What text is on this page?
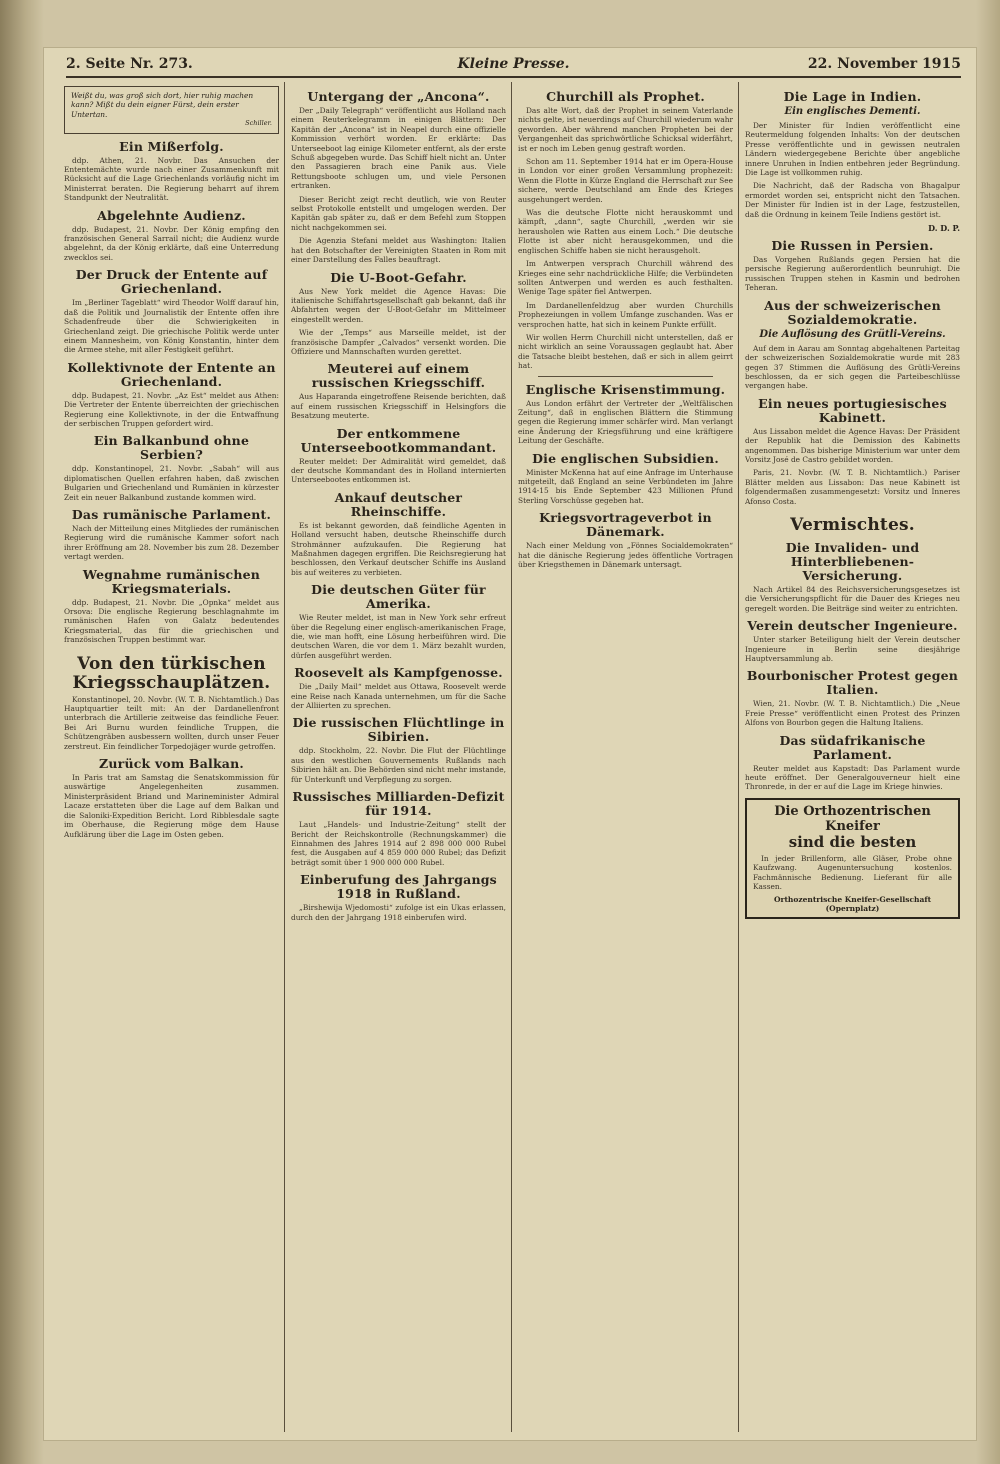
2. Seite Nr. 273.	Kleine Presse.	22. November 1915
Weißt du, was groß sich dort, hier ruhig machen kann? Mißt du dein eigner Fürst, dein erster Untertan.
Schiller.
Ein Mißerfolg.

ddp. Athen, 21. Novbr. Das Ansuchen der Ententemächte wurde nach einer Zusammenkunft mit Rücksicht auf die Lage Griechenlands vorläufig nicht im Ministerrat beraten. Die Regierung beharrt auf ihrem Standpunkt der Neutralität.

Abgelehnte Audienz.

ddp. Budapest, 21. Novbr. Der König empfing den französischen General Sarrail nicht; die Audienz wurde abgelehnt, da der König erklärte, daß eine Unterredung zwecklos sei.

Der Druck der Entente auf Griechenland.

Im „Berliner Tageblatt“ wird Theodor Wolff darauf hin, daß die Politik und Journalistik der Entente offen ihre Schadenfreude über die Schwierigkeiten in Griechenland zeigt. Die griechische Politik werde unter einem Mannesheim, von König Konstantin, hinter dem die Armee stehe, mit aller Festigkeit geführt.

Kollektivnote der Entente an Griechenland.

ddp. Budapest, 21. Novbr. „Az Est“ meldet aus Athen: Die Vertreter der Entente überreichten der griechischen Regierung eine Kollektivnote, in der die Entwaffnung der serbischen Truppen gefordert wird.

Ein Balkanbund ohne Serbien?

ddp. Konstantinopel, 21. Novbr. „Sabah“ will aus diplomatischen Quellen erfahren haben, daß zwischen Bulgarien und Griechenland und Rumänien in kürzester Zeit ein neuer Balkanbund zustande kommen wird.

Das rumänische Parlament.

Nach der Mitteilung eines Mitgliedes der rumänischen Regierung wird die rumänische Kammer sofort nach ihrer Eröffnung am 28. November bis zum 28. Dezember vertagt werden.

Wegnahme rumänischen Kriegsmaterials.

ddp. Budapest, 21. Novbr. Die „Opnka“ meldet aus Orsova: Die englische Regierung beschlagnahmte im rumänischen Hafen von Galatz bedeutendes Kriegsmaterial, das für die griechischen und französischen Truppen bestimmt war.

Von den türkischen Kriegsschauplätzen.

Konstantinopel, 20. Novbr. (W. T. B. Nichtamtlich.) Das Hauptquartier teilt mit: An der Dardanellenfront unterbrach die Artillerie zeitweise das feindliche Feuer. Bei Ari Burnu wurden feindliche Truppen, die Schützengräben ausbessern wollten, durch unser Feuer zerstreut. Ein feindlicher Torpedojäger wurde getroffen.

Zurück vom Balkan.

In Paris trat am Samstag die Senatskommission für auswärtige Angelegenheiten zusammen. Ministerpräsident Briand und Marineminister Admiral Lacaze erstatteten über die Lage auf dem Balkan und die Saloniki-Expedition Bericht. Lord Ribblesdale sagte im Oberhause, die Regierung möge dem Hause Aufklärung über die Lage im Osten geben.

Untergang der „Ancona“.

Der „Daily Telegraph“ veröffentlicht aus Holland nach einem Reuterkelegramm in einigen Blättern: Der Kapitän der „Ancona“ ist in Neapel durch eine offizielle Kommission verhört worden. Er erklärte: Das Unterseeboot lag einige Kilometer entfernt, als der erste Schuß abgegeben wurde. Das Schiff hielt nicht an. Unter den Passagieren brach eine Panik aus. Viele Rettungsboote schlugen um, und viele Personen ertranken.

Dieser Bericht zeigt recht deutlich, wie von Reuter selbst Protokolle entstellt und umgelogen werden. Der Kapitän gab später zu, daß er dem Befehl zum Stoppen nicht nachgekommen sei.

Die Agenzia Stefani meldet aus Washington: Italien hat den Botschafter der Vereinigten Staaten in Rom mit einer Darstellung des Falles beauftragt.

Die U-Boot-Gefahr.

Aus New York meldet die Agence Havas: Die italienische Schiffahrtsgesellschaft gab bekannt, daß ihr Abfahrten wegen der U-Boot-Gefahr im Mittelmeer eingestellt werden.

Wie der „Temps“ aus Marseille meldet, ist der französische Dampfer „Calvados“ versenkt worden. Die Offiziere und Mannschaften wurden gerettet.

Meuterei auf einem russischen Kriegsschiff.

Aus Haparanda eingetroffene Reisende berichten, daß auf einem russischen Kriegsschiff in Helsingfors die Besatzung meuterte.

Der entkommene Unterseebootkommandant.

Reuter meldet: Der Admiralität wird gemeldet, daß der deutsche Kommandant des in Holland internierten Unterseebootes entkommen ist.

Ankauf deutscher Rheinschiffe.

Es ist bekannt geworden, daß feindliche Agenten in Holland versucht haben, deutsche Rheinschiffe durch Strohmänner aufzukaufen. Die Regierung hat Maßnahmen dagegen ergriffen. Die Reichsregierung hat beschlossen, den Verkauf deutscher Schiffe ins Ausland bis auf weiteres zu verbieten.

Die deutschen Güter für Amerika.

Wie Reuter meldet, ist man in New York sehr erfreut über die Regelung einer englisch-amerikanischen Frage, die, wie man hofft, eine Lösung herbeiführen wird. Die deutschen Waren, die vor dem 1. März bezahlt wurden, dürfen ausgeführt werden.

Roosevelt als Kampfgenosse.

Die „Daily Mail“ meldet aus Ottawa, Roosevelt werde eine Reise nach Kanada unternehmen, um für die Sache der Alliierten zu sprechen.

Die russischen Flüchtlinge in Sibirien.

ddp. Stockholm, 22. Novbr. Die Flut der Flüchtlinge aus den westlichen Gouvernements Rußlands nach Sibirien hält an. Die Behörden sind nicht mehr imstande, für Unterkunft und Verpflegung zu sorgen.

Russisches Milliarden-Defizit für 1914.

Laut „Handels- und Industrie-Zeitung“ stellt der Bericht der Reichskontrolle (Rechnungskammer) die Einnahmen des Jahres 1914 auf 2 898 000 000 Rubel fest, die Ausgaben auf 4 859 000 000 Rubel; das Defizit beträgt somit über 1 900 000 000 Rubel.

Einberufung des Jahrgangs 1918 in Rußland.

„Birshewija Wjedomosti“ zufolge ist ein Ukas erlassen, durch den der Jahrgang 1918 einberufen wird.

Churchill als Prophet.

Das alte Wort, daß der Prophet in seinem Vaterlande nichts gelte, ist neuerdings auf Churchill wiederum wahr geworden. Aber während manchen Propheten bei der Vergangenheit das sprichwörtliche Schicksal widerfährt, ist er noch im Leben genug gestraft worden.

Schon am 11. September 1914 hat er im Opera-House in London vor einer großen Versammlung prophezeit: Wenn die Flotte in Kürze England die Herrschaft zur See sichere, werde Deutschland am Ende des Krieges ausgehungert werden.

Was die deutsche Flotte nicht herauskommt und kämpft, „dann“, sagte Churchill, „werden wir sie herausholen wie Ratten aus einem Loch.“ Die deutsche Flotte ist aber nicht herausgekommen, und die englischen Schiffe haben sie nicht herausgeholt.

Im Antwerpen versprach Churchill während des Krieges eine sehr nachdrückliche Hilfe; die Verbündeten sollten Antwerpen und werden es auch festhalten. Wenige Tage später fiel Antwerpen.

Im Dardanellenfeldzug aber wurden Churchills Prophezeiungen in vollem Umfange zuschanden. Was er versprochen hatte, hat sich in keinem Punkte erfüllt.

Wir wollen Herrn Churchill nicht unterstellen, daß er nicht wirklich an seine Voraussagen geglaubt hat. Aber die Tatsache bleibt bestehen, daß er sich in allem geirrt hat.

Englische Krisenstimmung.

Aus London erfährt der Vertreter der „Weltfälischen Zeitung“, daß in englischen Blättern die Stimmung gegen die Regierung immer schärfer wird. Man verlangt eine Änderung der Kriegsführung und eine kräftigere Leitung der Geschäfte.

Die englischen Subsidien.

Minister McKenna hat auf eine Anfrage im Unterhause mitgeteilt, daß England an seine Verbündeten im Jahre 1914-15 bis Ende September 423 Millionen Pfund Sterling Vorschüsse gegeben hat.

Kriegsvortrageverbot in Dänemark.

Nach einer Meldung von „Fönnes Socialdemokraten“ hat die dänische Regierung jedes öffentliche Vortragen über Kriegsthemen in Dänemark untersagt.

Die Lage in Indien.
Ein englisches Dementi.

Der Minister für Indien veröffentlicht eine Reutermeldung folgenden Inhalts: Von der deutschen Presse veröffentlichte und in gewissen neutralen Ländern wiedergegebene Berichte über angebliche innere Unruhen in Indien entbehren jeder Begründung. Die Lage ist vollkommen ruhig.

Die Nachricht, daß der Radscha von Bhagalpur ermordet worden sei, entspricht nicht den Tatsachen. Der Minister für Indien ist in der Lage, festzustellen, daß die Ordnung in keinem Teile Indiens gestört ist.

D. D. P.
Die Russen in Persien.

Das Vorgehen Rußlands gegen Persien hat die persische Regierung außerordentlich beunruhigt. Die russischen Truppen stehen in Kasmin und bedrohen Teheran.

Aus der schweizerischen Sozialdemokratie.
Die Auflösung des Grütli-Vereins.

Auf dem in Aarau am Sonntag abgehaltenen Parteitag der schweizerischen Sozialdemokratie wurde mit 283 gegen 37 Stimmen die Auflösung des Grütli-Vereins beschlossen, da er sich gegen die Parteibeschlüsse vergangen habe.

Ein neues portugiesisches Kabinett.

Aus Lissabon meldet die Agence Havas: Der Präsident der Republik hat die Demission des Kabinetts angenommen. Das bisherige Ministerium war unter dem Vorsitz José de Castro gebildet worden.

Paris, 21. Novbr. (W. T. B. Nichtamtlich.) Pariser Blätter melden aus Lissabon: Das neue Kabinett ist folgendermaßen zusammengesetzt: Vorsitz und Inneres Afonso Costa.

Vermischtes.
Die Invaliden- und Hinterbliebenen-Versicherung.

Nach Artikel 84 des Reichsversicherungsgesetzes ist die Versicherungspflicht für die Dauer des Krieges neu geregelt worden. Die Beiträge sind weiter zu entrichten.

Verein deutscher Ingenieure.

Unter starker Beteiligung hielt der Verein deutscher Ingenieure in Berlin seine diesjährige Hauptversammlung ab.

Bourbonischer Protest gegen Italien.

Wien, 21. Novbr. (W. T. B. Nichtamtlich.) Die „Neue Freie Presse“ veröffentlicht einen Protest des Prinzen Alfons von Bourbon gegen die Haltung Italiens.

Das südafrikanische Parlament.

Reuter meldet aus Kapstadt: Das Parlament wurde heute eröffnet. Der Generalgouverneur hielt eine Thronrede, in der er auf die Lage im Kriege hinwies.

Die Orthozentrischen Kneifer
sind die besten

In jeder Brillenform, alle Gläser, Probe ohne Kaufzwang. Augenuntersuchung kostenlos. Fachmännische Bedienung. Lieferant für alle Kassen.

Orthozentrische Kneifer-Gesellschaft (Opernplatz)
